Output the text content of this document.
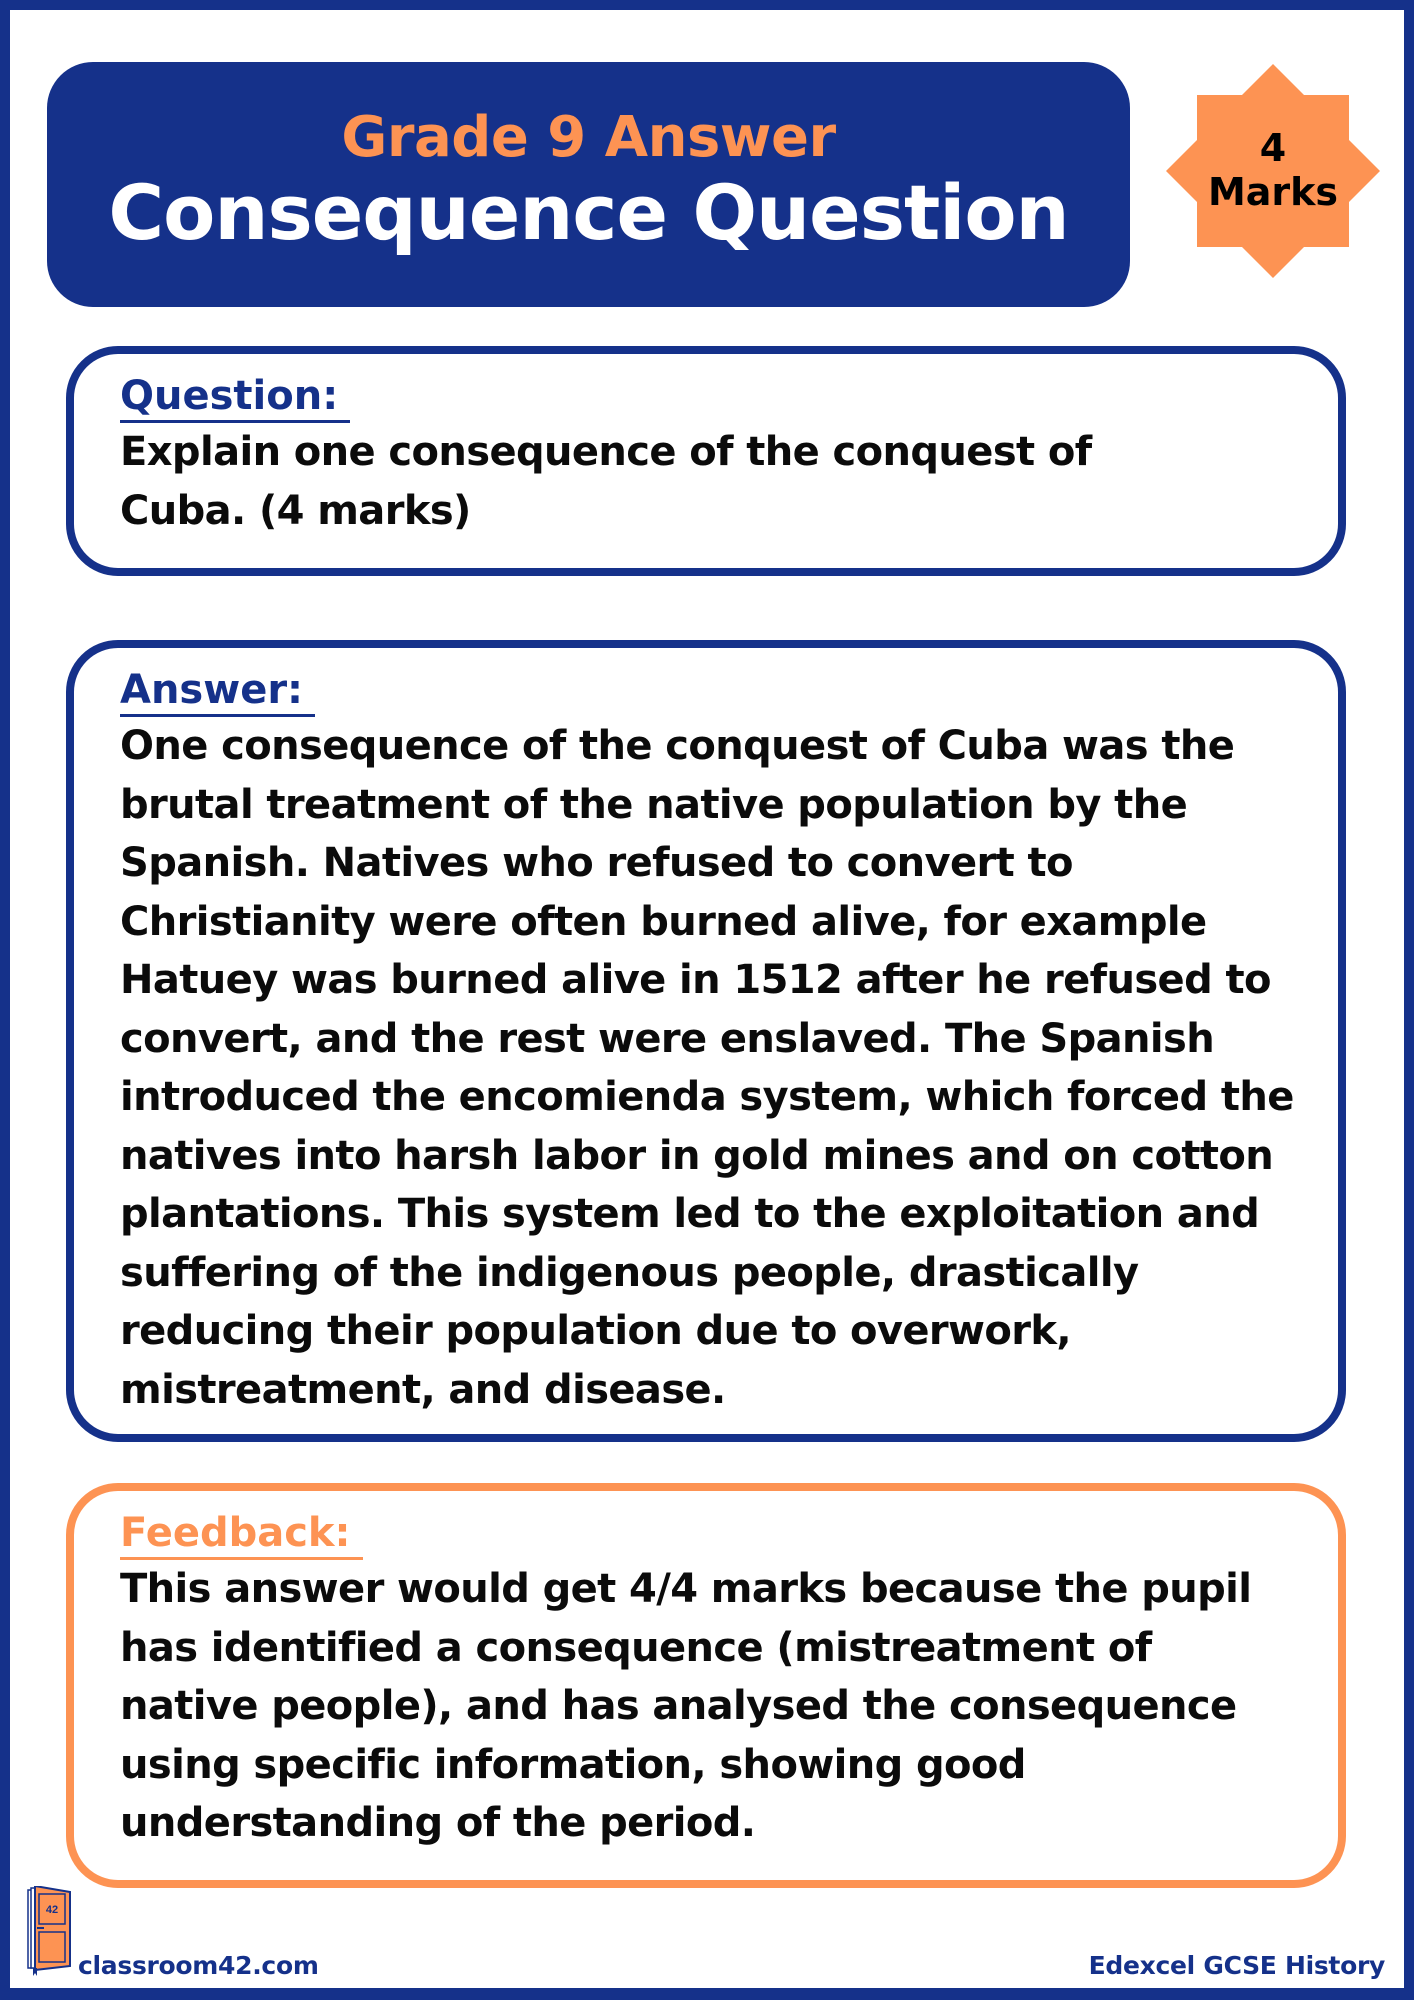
Grade 9 Answer
Consequence Question
4
Marks
Question:
Explain one consequence of the conquest of Cuba. (4 marks)
Answer:
One consequence of the conquest of Cuba was the brutal treatment of the native population by the Spanish. Natives who refused to convert to Christianity were often burned alive, for example Hatuey was burned alive in 1512 after he refused to convert, and the rest were enslaved. The Spanish introduced the encomienda system, which forced the natives into harsh labor in gold mines and on cotton plantations. This system led to the exploitation and suffering of the indigenous people, drastically reducing their population due to overwork, mistreatment, and disease.
Feedback:
This answer would get 4/4 marks because the pupil has identified a consequence (mistreatment of native people), and has analysed the consequence using specific information, showing good understanding of the period.
42
classroom42.com	Edexcel GCSE History
